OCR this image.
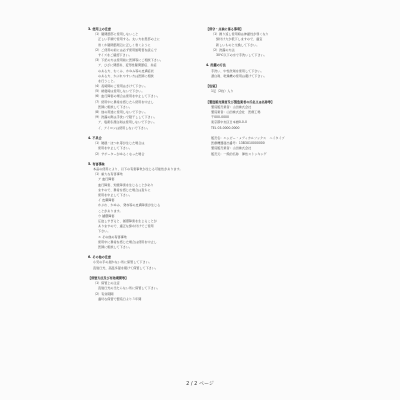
3. 使用上の注意
（1）膝関節部に使用しないこと
正しい手順で使用する。太い方を患部の上に
巻くか膝関節周辺に正しく巻くように
（2）ご使用の前には必ず使用説明書を読んで
サイズをご確認下さい。
（3）下記の方は使用前に医師等にご相談下さい。
ア、ひざに関節炎、変形性膝関節症、炎症
のある方、むくみ、かゆみ等の皮膚症状
のある方、かぶれやすい方は医師に相談
を行うこと。
（4）長時間のご使用はさけて下さい。
（5）就寝時は使用しないで下さい。
（6）血行障害の場合は使用を中止して下さい。
（7）使用中に異常を感じたら使用を中止し
医師に相談して下さい。
（8）他の用途に使用しないで下さい。
（9）洗濯の際は手洗いで陰干しして下さい。
ア、塩素系漂白剤は使用しないで下さい。
イ、アイロンは使用しないで下さい。
4. 不具合
（1）破損・ほつれ等が生じた場合は
使用を中止して下さい。
（2）サポーターがゆるくなった場合
5. 有害事象
本品の使用により、以下の有害事象が生じる可能性があります。
（1）重大な有害事象
ア 血行障害
血行障害、知覚障害を生じることがあり
ますので、異常を感じた場合は直ちに
使用を中止して下さい。
イ 皮膚障害
かぶれ、かゆみ、発赤等の皮膚障害が生じる
ことがあります。
ウ 循環障害
圧迫しすぎると、循環障害を生じることが
ありますので、適正な締め付けでご使用
下さい。
エ その他の有害事象
使用中に異常を感じた場合は使用を中止し
医師に相談して下さい。
6. その他の注意
小児の手の届かない所に保管して下さい。
直射日光、高温多湿を避けて保管して下さい。
【保管方法及び有効期間等】
（1）保管上の注意
直射日光の当たらない所に保管して下さい。
（2）有効期間
適切な保管で製造日より３年間
【保守・点検に係る事項】
（1）繰り返し使用時は伸縮性が弱くなり
締付け力が低下しますので、適宜
新しいものと交換して下さい。
（2）洗濯の方法
30℃以下の水で手洗いして下さい。
4. 洗濯の方法
手洗い、中性洗剤を使用して下さい。
漂白剤、乾燥機の使用は避けて下さい。
【包装】
1足（2枚）入り
【製造販売業者及び製造業者の氏名又は名称等】
製造販売業者：山田株式会社
製造業者：山田株式会社　医療工場
〒000-0000
東京都中央区日本橋0-0-0
TEL 03-0000-0000
販売名：エムピー・メディカルソックス　ハイタイプ
医療機器届出番号：13B3X10000000
製造販売業者：山田株式会社
販売元：一般的名称　弾性ストッキング
2 / 2 ページ
